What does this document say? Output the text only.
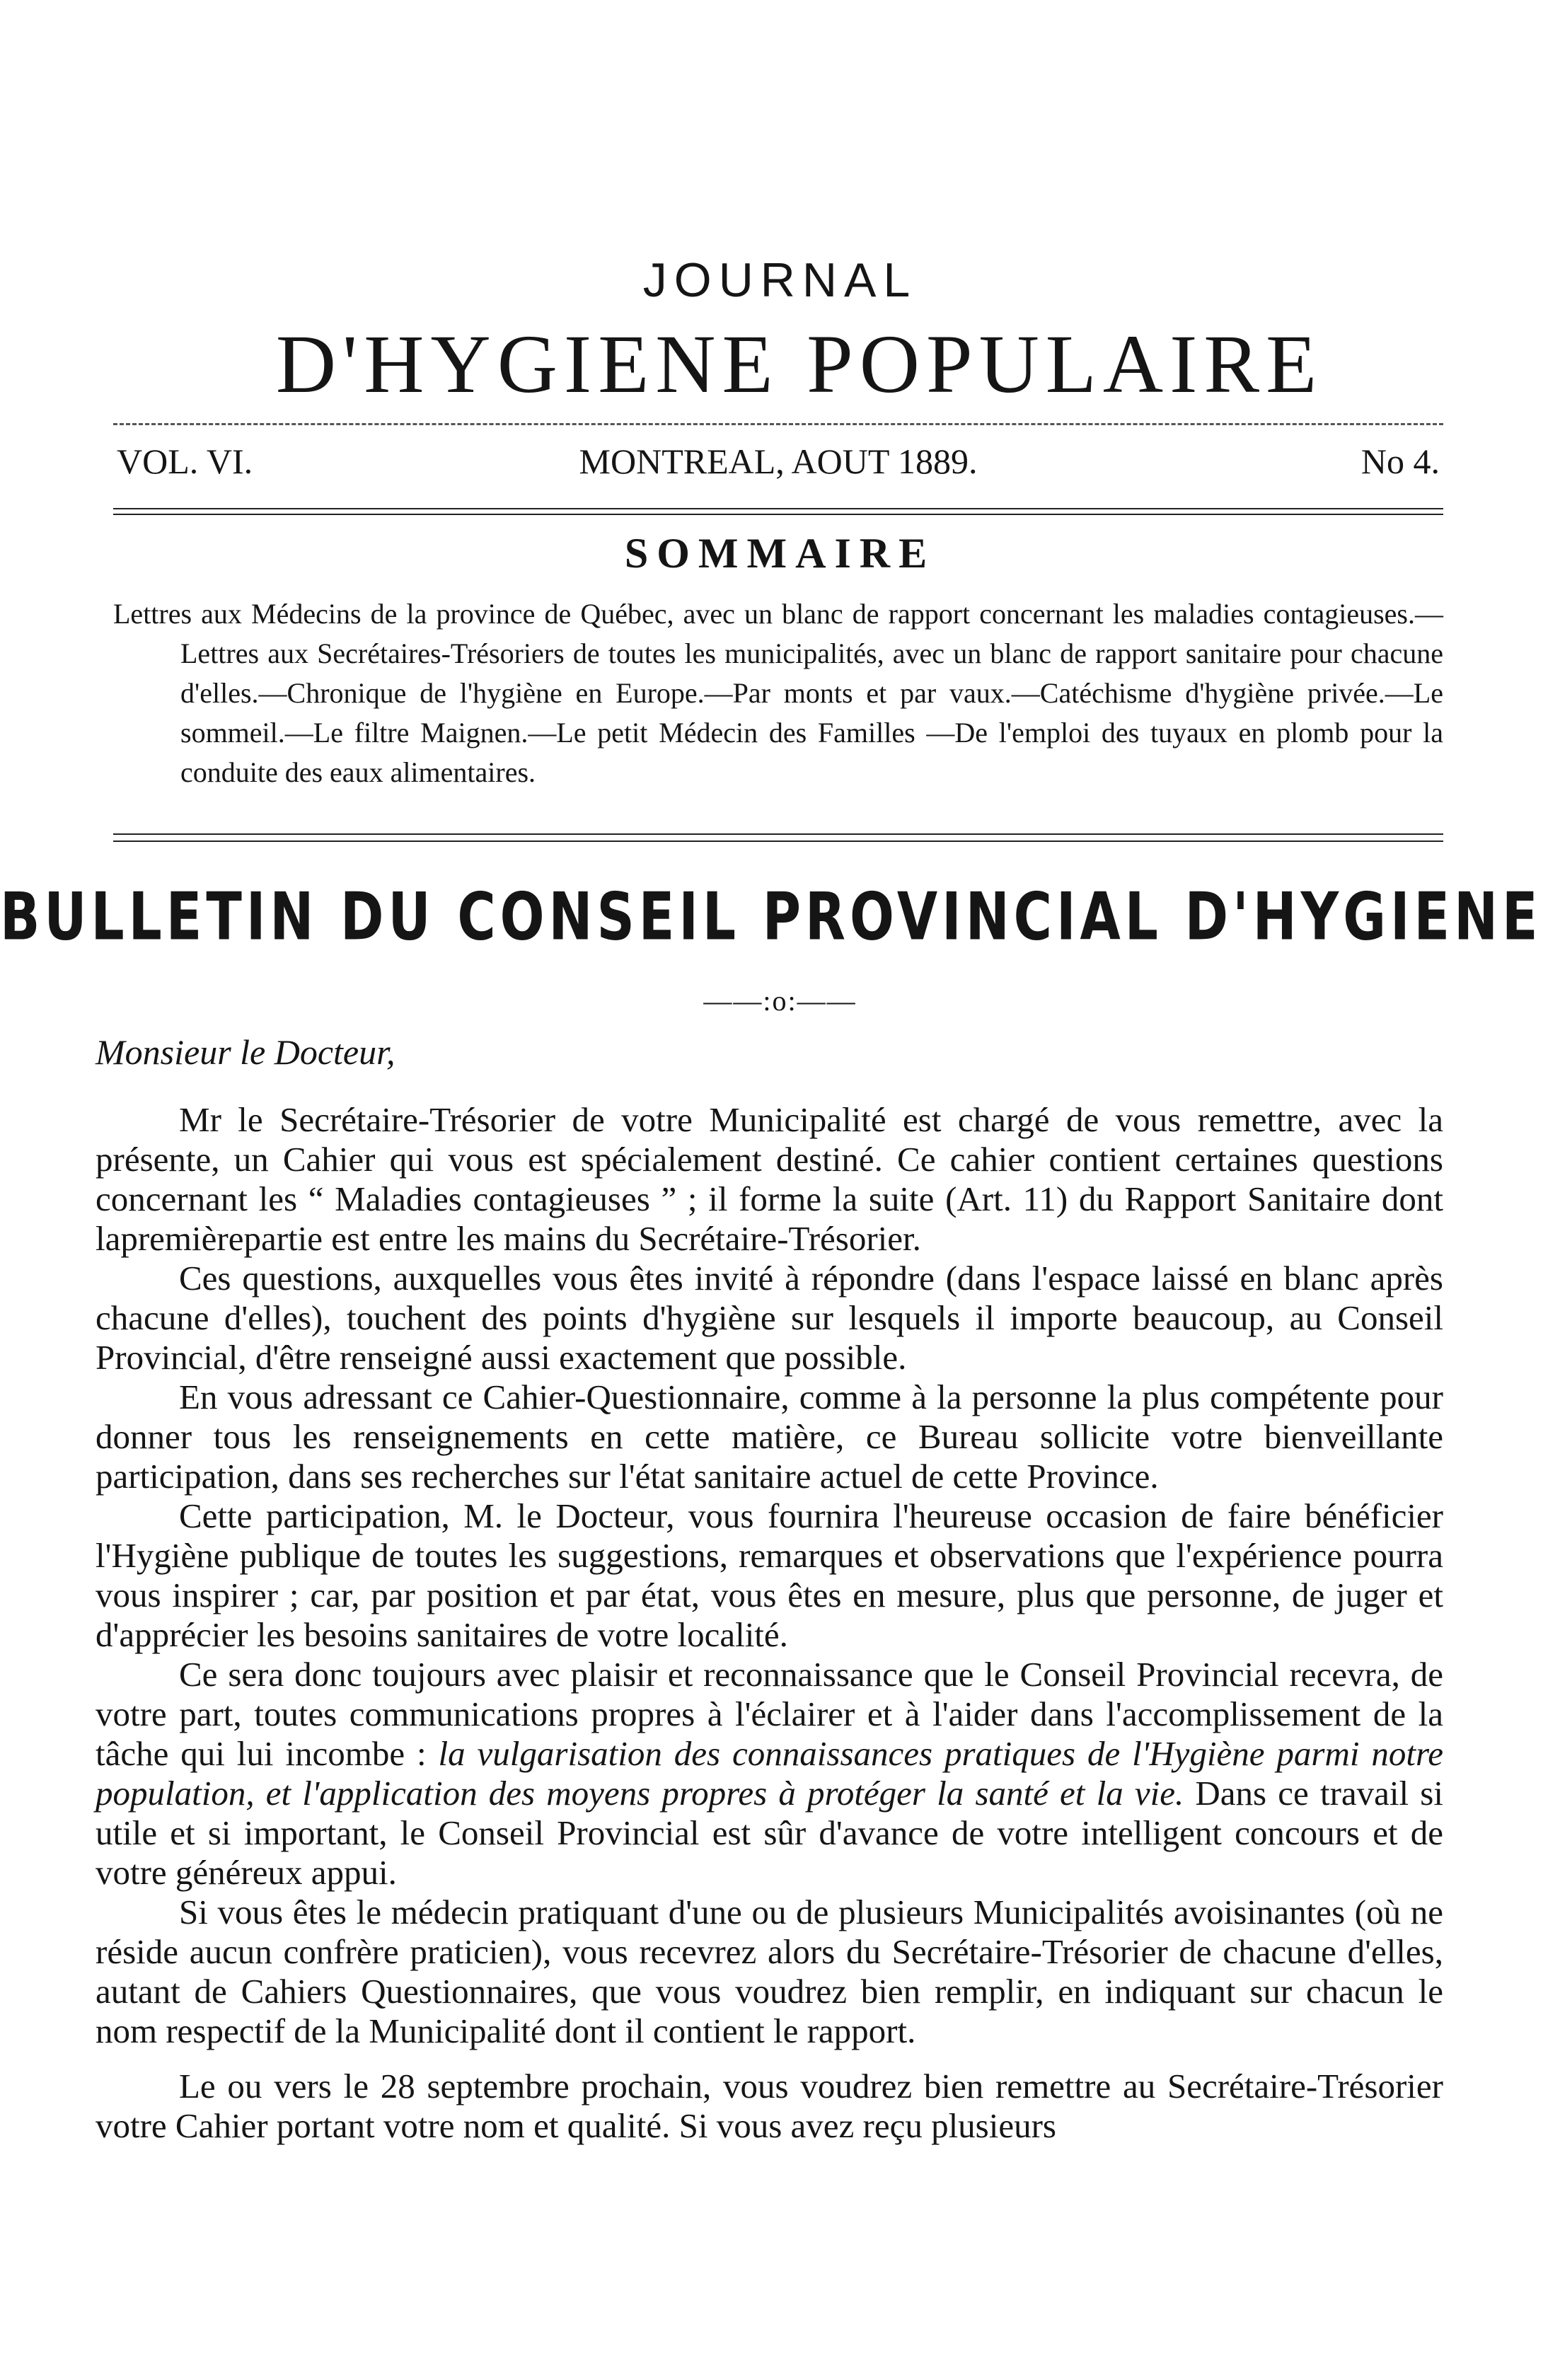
JOURNAL
D'HYGIENE POPULAIRE
VOL. VI.	MONTREAL, AOUT 1889.	No 4.
SOMMAIRE
Lettres aux Médecins de la province de Québec, avec un blanc de rapport concernant les maladies contagieuses.—Lettres aux Secrétaires-Trésoriers de toutes les municipalités, avec un blanc de rapport sanitaire pour chacune d'elles.—Chronique de l'hygiène en Europe.—Par monts et par vaux.—Catéchisme d'hygiène privée.—Le sommeil.—Le filtre Maignen.—Le petit Médecin des Familles —De l'emploi des tuyaux en plomb pour la conduite des eaux alimentaires.
BULLETIN DU CONSEIL PROVINCIAL D'HYGIENE
——:o:——
Monsieur le Docteur,

Mr le Secrétaire-Trésorier de votre Municipalité est chargé de vous remettre, avec la présente, un Cahier qui vous est spécialement destiné. Ce cahier contient certaines questions concernant les “ Maladies contagieuses ” ; il forme la suite (Art. 11) du Rapport Sanitaire dont lapremièrepartie est entre les mains du Secrétaire-Trésorier.

Ces questions, auxquelles vous êtes invité à répondre (dans l'espace laissé en blanc après chacune d'elles), touchent des points d'hygiène sur lesquels il importe beaucoup, au Conseil Provincial, d'être renseigné aussi exactement que possible.

En vous adressant ce Cahier-Questionnaire, comme à la personne la plus compétente pour donner tous les renseignements en cette matière, ce Bureau sollicite votre bienveillante participation, dans ses recherches sur l'état sanitaire actuel de cette Province.

Cette participation, M. le Docteur, vous fournira l'heureuse occasion de faire bénéficier l'Hygiène publique de toutes les suggestions, remarques et observations que l'expérience pourra vous inspirer ; car, par position et par état, vous êtes en mesure, plus que personne, de juger et d'apprécier les besoins sanitaires de votre localité.

Ce sera donc toujours avec plaisir et reconnaissance que le Conseil Provincial recevra, de votre part, toutes communications propres à l'éclairer et à l'aider dans l'accomplissement de la tâche qui lui incombe : la vulgarisation des connaissances pratiques de l'Hygiène parmi notre population, et l'application des moyens propres à protéger la santé et la vie. Dans ce travail si utile et si important, le Conseil Provincial est sûr d'avance de votre intelligent concours et de votre généreux appui.

Si vous êtes le médecin pratiquant d'une ou de plusieurs Municipalités avoisinantes (où ne réside aucun confrère praticien), vous recevrez alors du Secrétaire-Trésorier de chacune d'elles, autant de Cahiers Questionnaires, que vous voudrez bien remplir, en indiquant sur chacun le nom respectif de la Municipalité dont il contient le rapport.

Le ou vers le 28 septembre prochain, vous voudrez bien remettre au Secrétaire-Trésorier votre Cahier portant votre nom et qualité. Si vous avez reçu plusieurs
